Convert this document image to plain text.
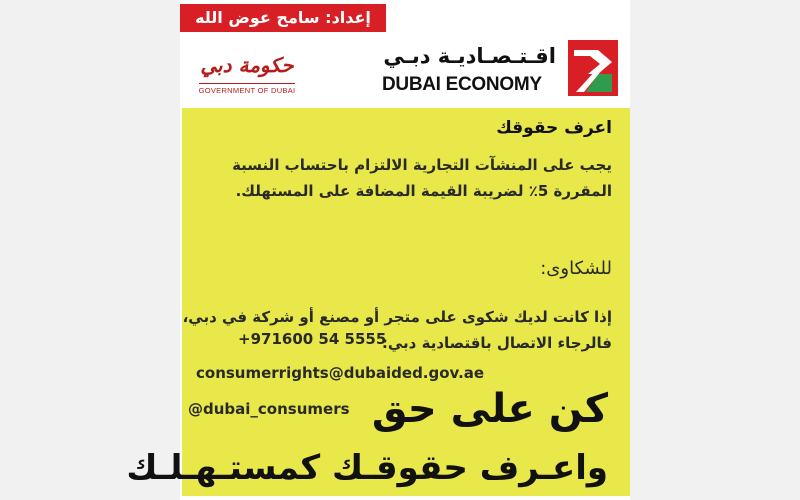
إعداد: سامح عوض الله
حكومة دبي
GOVERNMENT OF DUBAI
اقـتـصـاديـة دبـي
DUBAI ECONOMY
اعرف حقوقك
يجب على المنشآت التجارية الالتزام باحتساب النسبة المقررة 5٪ لضريبة القيمة المضافة على المستهلك.
للشكاوى:
إذا كانت لديك شكوى على متجر أو مصنع أو شركة في دبي، فالرجاء الاتصال باقتصادية دبي:
+971600 54 5555
consumerrights@dubaided.gov.ae
@dubai_consumers كن على حق
واعـرف حقوقـك كمستـهـلـك
